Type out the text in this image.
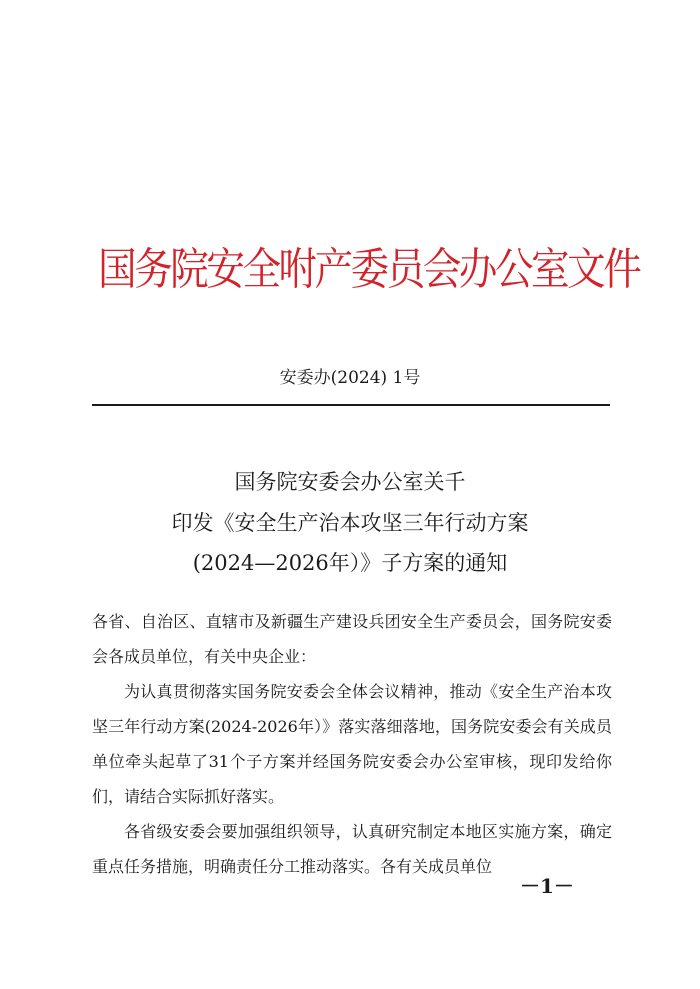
国务院安全咐产委员会办公室文件
安委办(2024) 1号
国务院安委会办公室关千
印发《安全生产治本攻坚三年行动方案
(2024—2026年）》子方案的通知

各省、自治区、直辖市及新疆生产建设兵团安全生产委员会，国务院安委会各成员单位，有关中央企业：

为认真贯彻落实国务院安委会全体会议精神，推动《安全生产治本攻坚三年行动方案(2024-2026年）》落实落细落地，国务院安委会有关成员单位牵头起草了31个子方案并经国务院安委会办公室审核，现印发给你们，请结合实际抓好落实。

各省级安委会要加强组织领导，认真研究制定本地区实施方案，确定重点任务措施，明确责任分工推动落实。各有关成员单位

－1－
